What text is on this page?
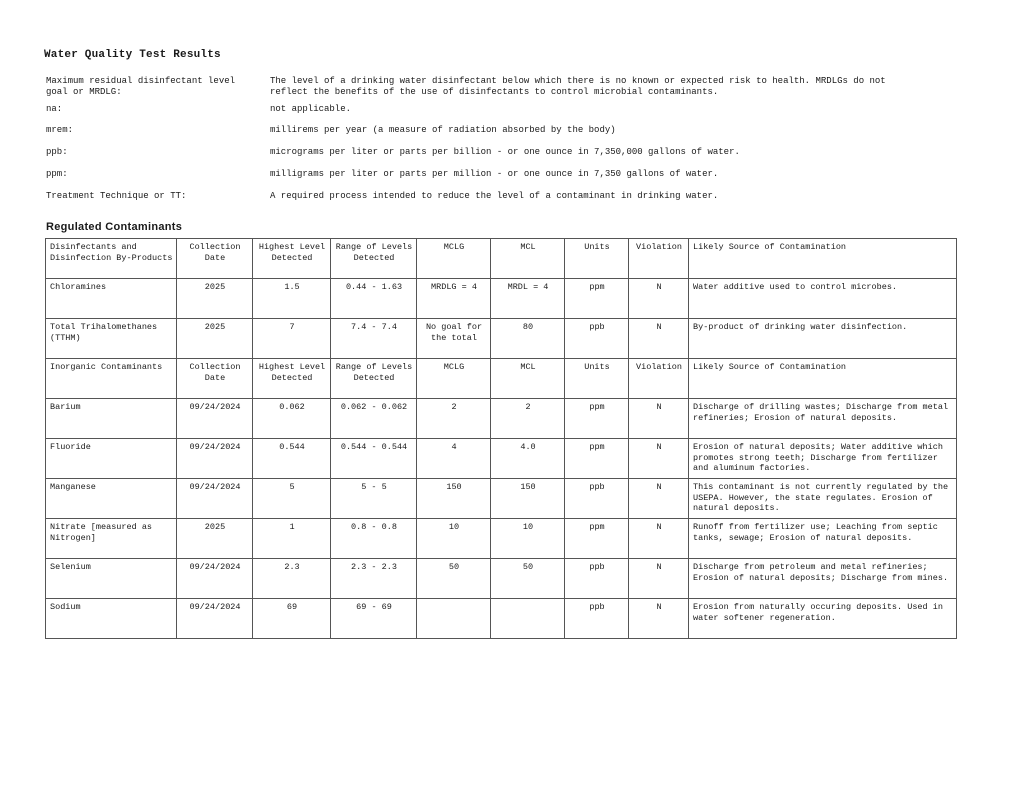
Water Quality Test Results
Maximum residual disinfectant level goal or MRDLG:
The level of a drinking water disinfectant below which there is no known or expected risk to health. MRDLGs do not reflect the benefits of the use of disinfectants to control microbial contaminants.
na:	not applicable.
mrem:	millirems per year (a measure of radiation absorbed by the body)
ppb:	micrograms per liter or parts per billion - or one ounce in 7,350,000 gallons of water.
ppm:	milligrams per liter or parts per million - or one ounce in 7,350 gallons of water.
Treatment Technique or TT:	A required process intended to reduce the level of a contaminant in drinking water.
Regulated Contaminants
Disinfectants and Disinfection By-Products	Collection Date	Highest Level Detected	Range of Levels Detected	MCLG	MCL	Units	Violation	Likely Source of Contamination
Chloramines	2025	1.5	0.44 - 1.63	MRDLG = 4	MRDL = 4	ppm	N	Water additive used to control microbes.
Total Trihalomethanes (TTHM)	2025	7	7.4 - 7.4	No goal for the total	80	ppb	N	By-product of drinking water disinfection.
Inorganic Contaminants	Collection Date	Highest Level Detected	Range of Levels Detected	MCLG	MCL	Units	Violation	Likely Source of Contamination
Barium	09/24/2024	0.062	0.062 - 0.062	2	2	ppm	N	Discharge of drilling wastes; Discharge from metal refineries; Erosion of natural deposits.
Fluoride	09/24/2024	0.544	0.544 - 0.544	4	4.0	ppm	N	Erosion of natural deposits; Water additive which promotes strong teeth; Discharge from fertilizer and aluminum factories.
Manganese	09/24/2024	5	5 - 5	150	150	ppb	N	This contaminant is not currently regulated by the USEPA. However, the state regulates. Erosion of natural deposits.
Nitrate [measured as Nitrogen]	2025	1	0.8 - 0.8	10	10	ppm	N	Runoff from fertilizer use; Leaching from septic tanks, sewage; Erosion of natural deposits.
Selenium	09/24/2024	2.3	2.3 - 2.3	50	50	ppb	N	Discharge from petroleum and metal refineries; Erosion of natural deposits; Discharge from mines.
Sodium	09/24/2024	69	69 - 69			ppb	N	Erosion from naturally occuring deposits. Used in water softener regeneration.
